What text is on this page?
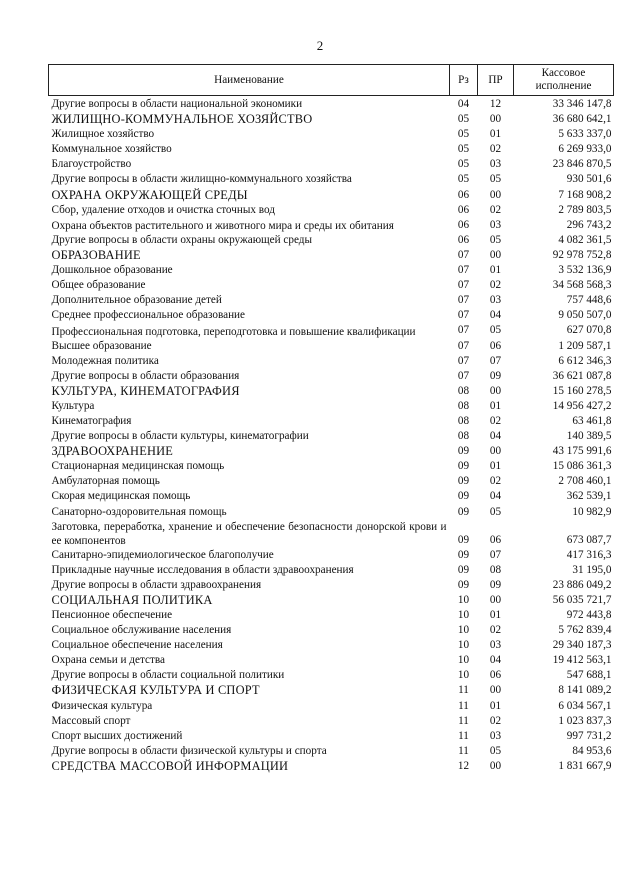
2
Наименование	Рз	ПР	Кассовое исполнение
Другие вопросы в области национальной экономики	04	12	33 346 147,8
ЖИЛИЩНО-КОММУНАЛЬНОЕ ХОЗЯЙСТВО	05	00	36 680 642,1
Жилищное хозяйство	05	01	5 633 337,0
Коммунальное хозяйство	05	02	6 269 933,0
Благоустройство	05	03	23 846 870,5
Другие вопросы в области жилищно-коммунального хозяйства	05	05	930 501,6
ОХРАНА ОКРУЖАЮЩЕЙ СРЕДЫ	06	00	7 168 908,2
Сбор, удаление отходов и очистка сточных вод	06	02	2 789 803,5
Охрана объектов растительного и животного мира и среды их обитания	06	03	296 743,2
Другие вопросы в области охраны окружающей среды	06	05	4 082 361,5
ОБРАЗОВАНИЕ	07	00	92 978 752,8
Дошкольное образование	07	01	3 532 136,9
Общее образование	07	02	34 568 568,3
Дополнительное образование детей	07	03	757 448,6
Среднее профессиональное образование	07	04	9 050 507,0
Профессиональная подготовка, переподготовка и повышение квалификации	07	05	627 070,8
Высшее образование	07	06	1 209 587,1
Молодежная политика	07	07	6 612 346,3
Другие вопросы в области образования	07	09	36 621 087,8
КУЛЬТУРА, КИНЕМАТОГРАФИЯ	08	00	15 160 278,5
Культура	08	01	14 956 427,2
Кинематография	08	02	63 461,8
Другие вопросы в области культуры, кинематографии	08	04	140 389,5
ЗДРАВООХРАНЕНИЕ	09	00	43 175 991,6
Стационарная медицинская помощь	09	01	15 086 361,3
Амбулаторная помощь	09	02	2 708 460,1
Скорая медицинская помощь	09	04	362 539,1
Санаторно-оздоровительная помощь	09	05	10 982,9
Заготовка, переработка, хранение и обеспечение безопасности донорской крови и ее компонентов	09	06	673 087,7
Санитарно-эпидемиологическое благополучие	09	07	417 316,3
Прикладные научные исследования в области здравоохранения	09	08	31 195,0
Другие вопросы в области здравоохранения	09	09	23 886 049,2
СОЦИАЛЬНАЯ ПОЛИТИКА	10	00	56 035 721,7
Пенсионное обеспечение	10	01	972 443,8
Социальное обслуживание населения	10	02	5 762 839,4
Социальное обеспечение населения	10	03	29 340 187,3
Охрана семьи и детства	10	04	19 412 563,1
Другие вопросы в области социальной политики	10	06	547 688,1
ФИЗИЧЕСКАЯ КУЛЬТУРА И СПОРТ	11	00	8 141 089,2
Физическая культура	11	01	6 034 567,1
Массовый спорт	11	02	1 023 837,3
Спорт высших достижений	11	03	997 731,2
Другие вопросы в области физической культуры и спорта	11	05	84 953,6
СРЕДСТВА МАССОВОЙ ИНФОРМАЦИИ	12	00	1 831 667,9
